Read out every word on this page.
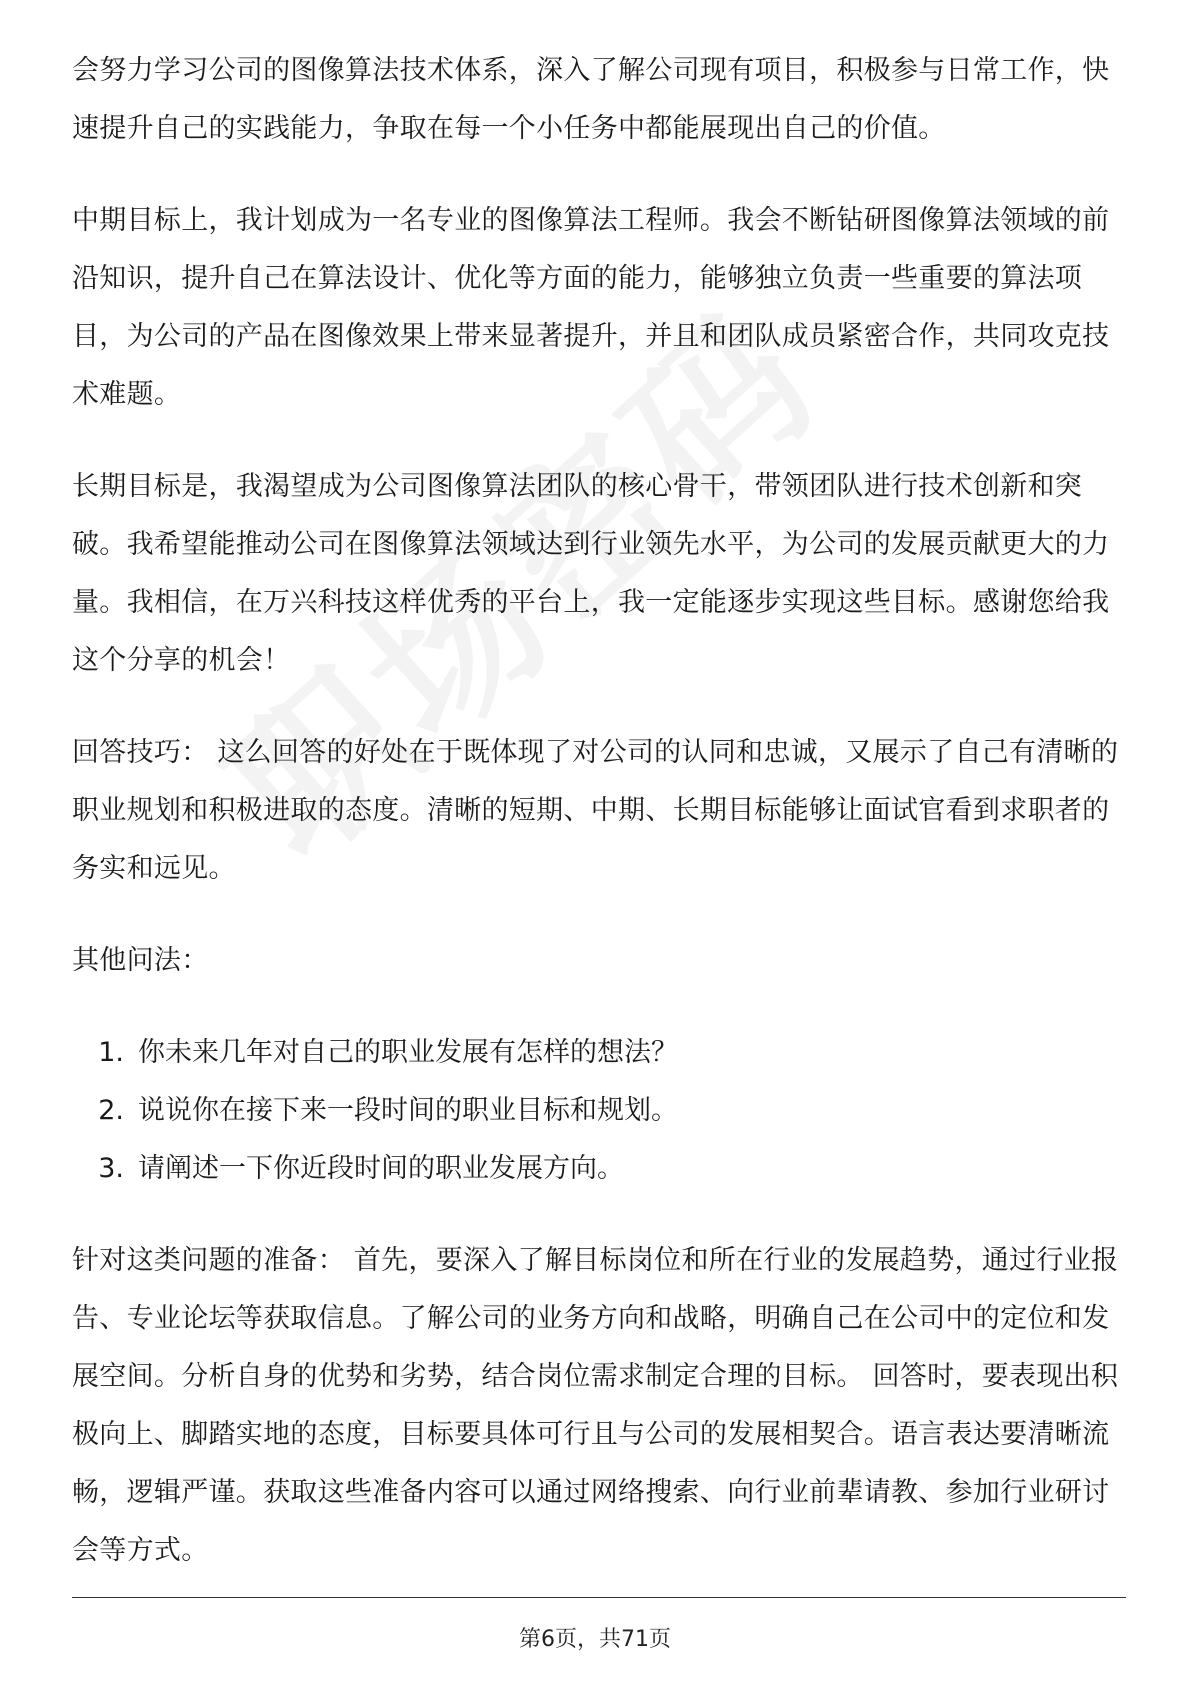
会努力学习公司的图像算法技术体系，深入了解公司现有项目，积极参与日常工作，快速提升自己的实践能力，争取在每一个小任务中都能展现出自己的价值。

中期目标上，我计划成为一名专业的图像算法工程师。我会不断钻研图像算法领域的前沿知识，提升自己在算法设计、优化等方面的能力，能够独立负责一些重要的算法项目，为公司的产品在图像效果上带来显著提升，并且和团队成员紧密合作，共同攻克技术难题。

长期目标是，我渴望成为公司图像算法团队的核心骨干，带领团队进行技术创新和突破。我希望能推动公司在图像算法领域达到行业领先水平，为公司的发展贡献更大的力量。我相信，在万兴科技这样优秀的平台上，我一定能逐步实现这些目标。感谢您给我这个分享的机会！

回答技巧： 这么回答的好处在于既体现了对公司的认同和忠诚，又展示了自己有清晰的职业规划和积极进取的态度。清晰的短期、中期、长期目标能够让面试官看到求职者的务实和远见。

其他问法：

1. 你未来几年对自己的职业发展有怎样的想法？
2. 说说你在接下来一段时间的职业目标和规划。
3. 请阐述一下你近段时间的职业发展方向。

针对这类问题的准备： 首先，要深入了解目标岗位和所在行业的发展趋势，通过行业报告、专业论坛等获取信息。了解公司的业务方向和战略，明确自己在公司中的定位和发展空间。分析自身的优势和劣势，结合岗位需求制定合理的目标。 回答时，要表现出积极向上、脚踏实地的态度，目标要具体可行且与公司的发展相契合。语言表达要清晰流畅，逻辑严谨。获取这些准备内容可以通过网络搜索、向行业前辈请教、参加行业研讨会等方式。

第6页，共71页
